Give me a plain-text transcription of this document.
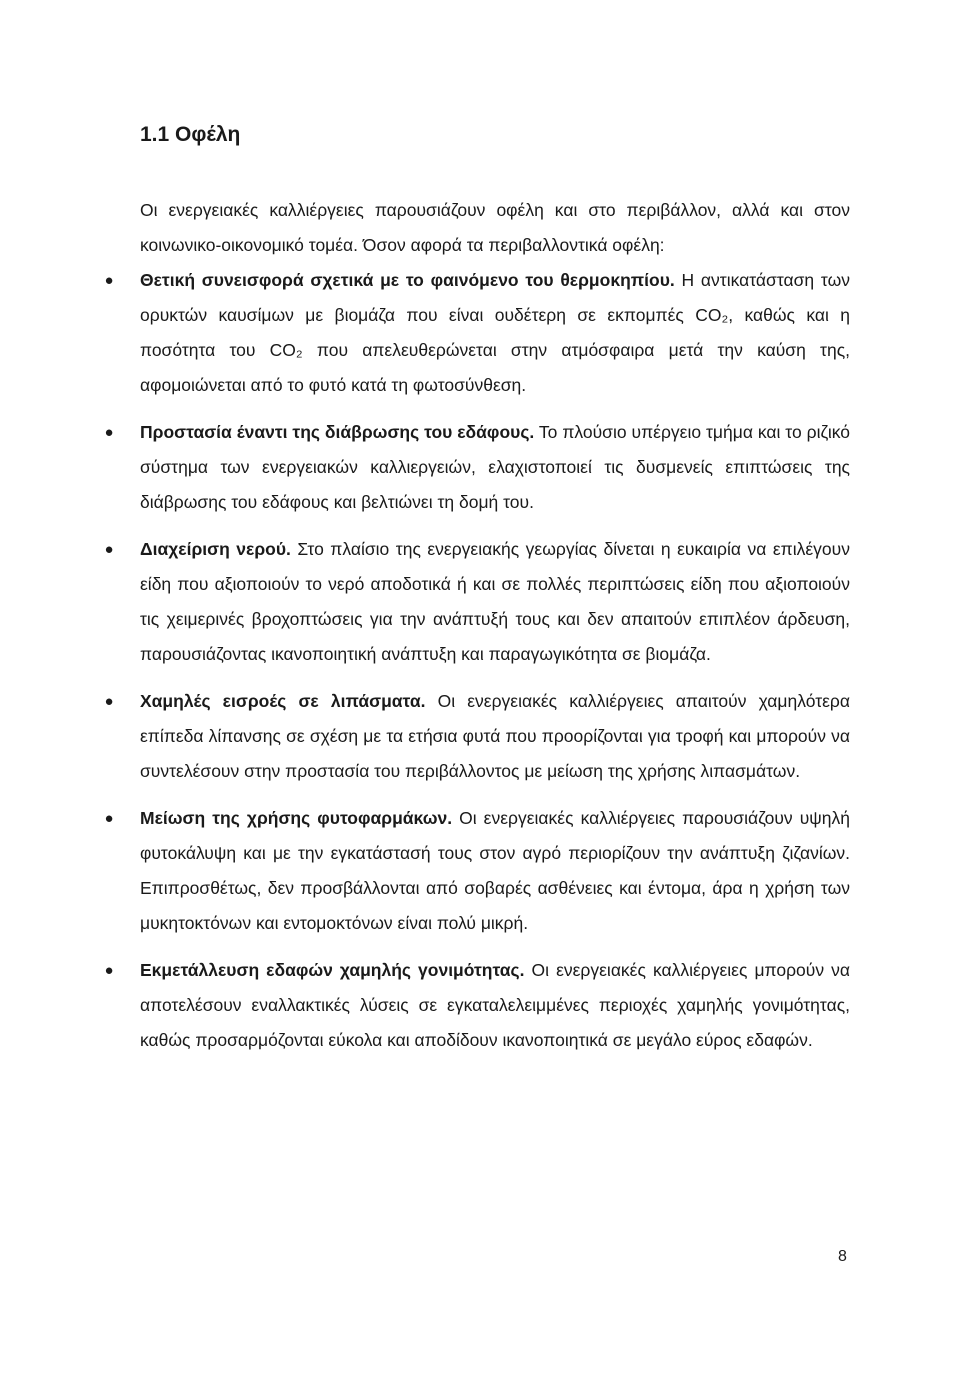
1.1 Οφέλη

Οι ενεργειακές καλλιέργειες παρουσιάζουν οφέλη και στο περιβάλλον, αλλά και στον κοινωνικο-οικονομικό τομέα. Όσον αφορά τα περιβαλλοντικά οφέλη:

● Θετική συνεισφορά σχετικά με το φαινόμενο του θερμοκηπίου. Η αντικατάσταση των ορυκτών καυσίμων με βιομάζα που είναι ουδέτερη σε εκπομπές CO₂, καθώς και η ποσότητα του CO₂ που απελευθερώνεται στην ατμόσφαιρα μετά την καύση της, αφομοιώνεται από το φυτό κατά τη φωτοσύνθεση.
● Προστασία έναντι της διάβρωσης του εδάφους. Το πλούσιο υπέργειο τμήμα και το ριζικό σύστημα των ενεργειακών καλλιεργειών, ελαχιστοποιεί τις δυσμενείς επιπτώσεις της διάβρωσης του εδάφους και βελτιώνει τη δομή του.
● Διαχείριση νερού. Στο πλαίσιο της ενεργειακής γεωργίας δίνεται η ευκαιρία να επιλέγουν είδη που αξιοποιούν το νερό αποδοτικά ή και σε πολλές περιπτώσεις είδη που αξιοποιούν τις χειμερινές βροχοπτώσεις για την ανάπτυξή τους και δεν απαιτούν επιπλέον άρδευση, παρουσιάζοντας ικανοποιητική ανάπτυξη και παραγωγικότητα σε βιομάζα.
● Χαμηλές εισροές σε λιπάσματα. Οι ενεργειακές καλλιέργειες απαιτούν χαμηλότερα επίπεδα λίπανσης σε σχέση με τα ετήσια φυτά που προορίζονται για τροφή και μπορούν να συντελέσουν στην προστασία του περιβάλλοντος με μείωση της χρήσης λιπασμάτων.
● Μείωση της χρήσης φυτοφαρμάκων. Οι ενεργειακές καλλιέργειες παρουσιάζουν υψηλή φυτοκάλυψη και με την εγκατάστασή τους στον αγρό περιορίζουν την ανάπτυξη ζιζανίων. Επιπροσθέτως, δεν προσβάλλονται από σοβαρές ασθένειες και έντομα, άρα η χρήση των μυκητοκτόνων και εντομοκτόνων είναι πολύ μικρή.
● Εκμετάλλευση εδαφών χαμηλής γονιμότητας. Οι ενεργειακές καλλιέργειες μπορούν να αποτελέσουν εναλλακτικές λύσεις σε εγκαταλελειμμένες περιοχές χαμηλής γονιμότητας, καθώς προσαρμόζονται εύκολα και αποδίδουν ικανοποιητικά σε μεγάλο εύρος εδαφών.
8
